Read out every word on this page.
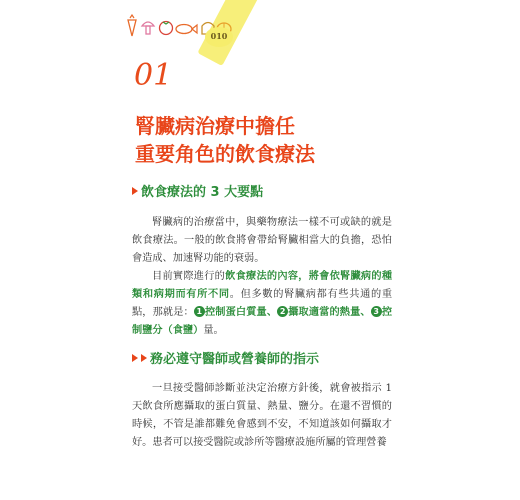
010
01
腎臟病治療中擔任
重要角色的飲食療法
飲食療法的 3 大要點
腎臟病的治療當中，與藥物療法一樣不可或缺的就是飲食療法。一般的飲食將會帶給腎臟相當大的負擔，恐怕會造成、加速腎功能的衰弱。
目前實際進行的飲食療法的內容，將會依腎臟病的種類和病期而有所不同。但多數的腎臟病都有些共通的重點，那就是： 1 控制蛋白質量、 2 攝取適當的熱量、 3 控制鹽分（食鹽）量。
務必遵守醫師或營養師的指示
一旦接受醫師診斷並決定治療方針後，就會被指示 1 天飲食所應攝取的蛋白質量、熱量、鹽分。在還不習慣的時候，不管是誰都難免會感到不安，不知道該如何攝取才好。患者可以接受醫院或診所等醫療設施所屬的管理營養
